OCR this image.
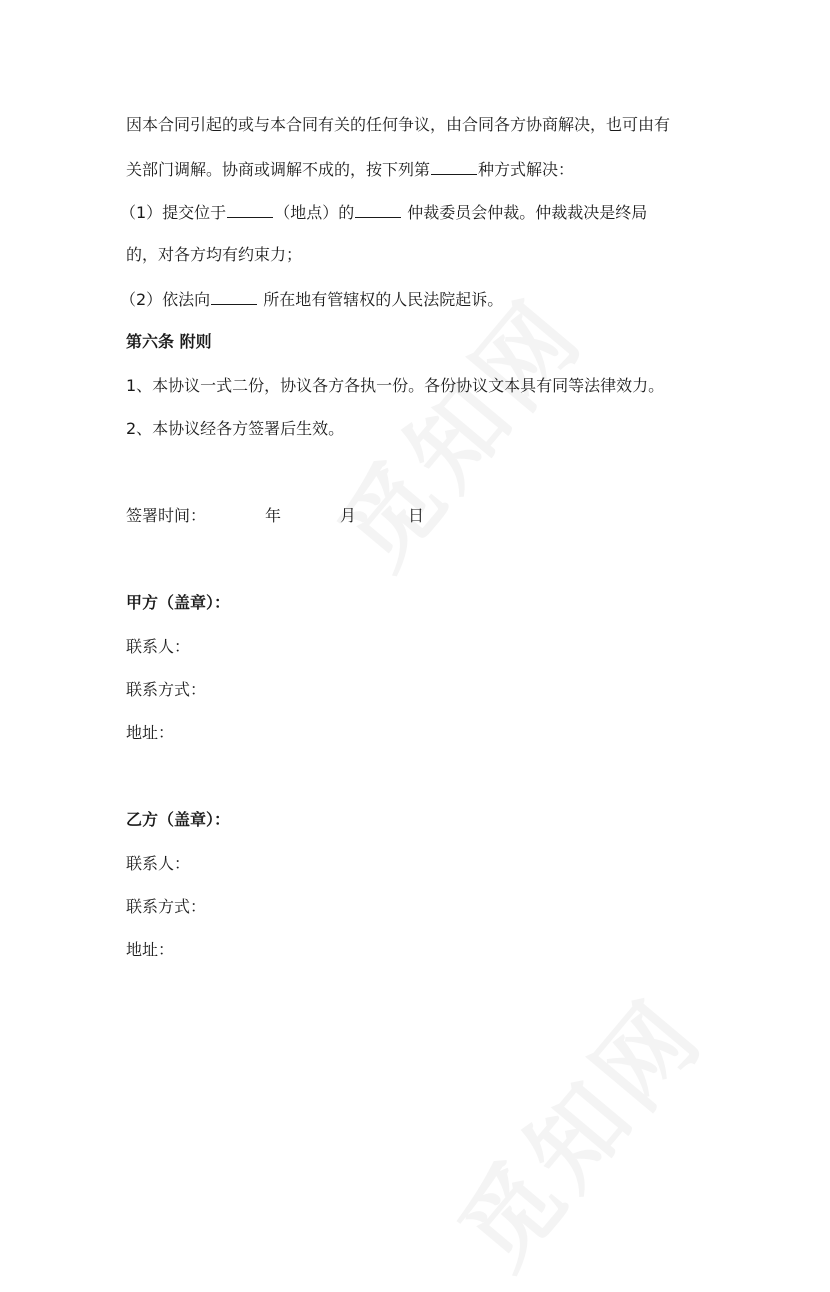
因本合同引起的或与本合同有关的任何争议，由合同各方协商解决，也可由有
关部门调解。协商或调解不成的，按下列第	种方式解决：
（1）提交位于	（地点）的	仲裁委员会仲裁。仲裁裁决是终局
的，对各方均有约束力；
（2）依法向	所在地有管辖权的人民法院起诉。
第六条 附则
1、本协议一式二份，协议各方各执一份。各份协议文本具有同等法律效力。
2、本协议经各方签署后生效。
签署时间：	年	月	日
甲方（盖章）：
联系人：
联系方式：
地址：
乙方（盖章）：
联系人：
联系方式：
地址：
